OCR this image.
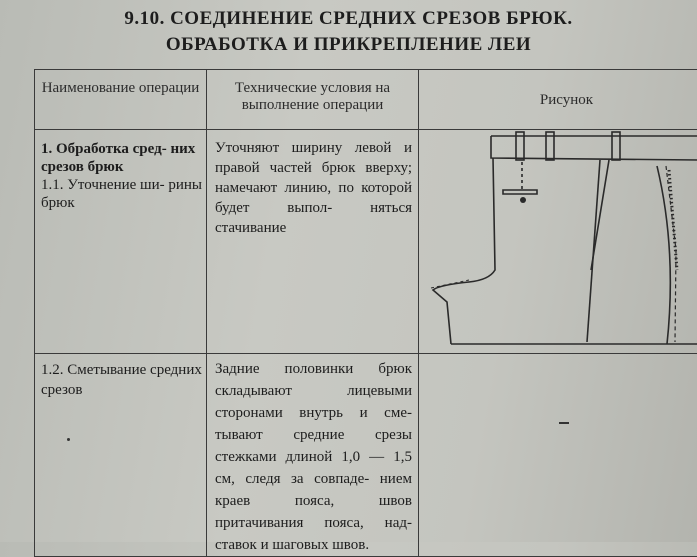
9.10. СОЕДИНЕНИЕ СРЕДНИХ СРЕЗОВ БРЮК.
ОБРАБОТКА И ПРИКРЕПЛЕНИЕ ЛЕИ
Наименование операции	Технические условия на выполнение операции	Рисунок

1. Обработка сред- них срезов брюк
1.1. Уточнение ши- рины брюк	Уточняют ширину левой и правой частей брюк вверху; намечают линию, по которой будет выпол- няться стачивание	

1.2. Сметывание средних срезов	Задние половинки брюк складывают лицевыми сторонами внутрь и сме- тывают средние срезы стежками длиной 1,0 — 1,5 см, следя за совпаде- нием краев пояса, швов притачивания пояса, над- ставок и шаговых швов.	
